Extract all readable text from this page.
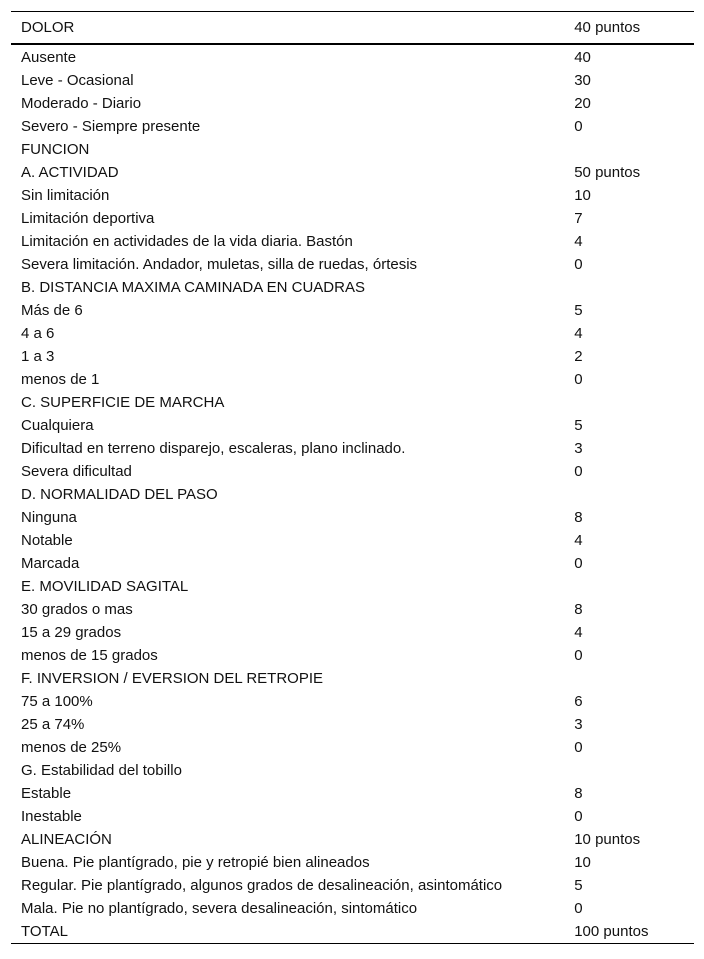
DOLOR	40 puntos
Ausente	40
Leve - Ocasional	30
Moderado - Diario	20
Severo - Siempre presente	0
FUNCION	
A. ACTIVIDAD	50 puntos
Sin limitación	10
Limitación deportiva	7
Limitación en actividades de la vida diaria. Bastón	4
Severa limitación. Andador, muletas, silla de ruedas, órtesis	0
B. DISTANCIA MAXIMA CAMINADA EN CUADRAS	
Más de 6	5
4 a 6	4
1 a 3	2
menos de 1	0
C. SUPERFICIE DE MARCHA	
Cualquiera	5
Dificultad en terreno disparejo, escaleras, plano inclinado.	3
Severa dificultad	0
D. NORMALIDAD DEL PASO	
Ninguna	8
Notable	4
Marcada	0
E. MOVILIDAD SAGITAL	
30 grados o mas	8
15 a 29 grados	4
menos de 15 grados	0
F. INVERSION / EVERSION DEL RETROPIE	
75 a 100%	6
25 a 74%	3
menos de 25%	0
G. Estabilidad del tobillo	
Estable	8
Inestable	0
ALINEACIÓN	10 puntos
Buena. Pie plantígrado, pie y retropié bien alineados	10
Regular. Pie plantígrado, algunos grados de desalineación, asintomático	5
Mala. Pie no plantígrado, severa desalineación, sintomático	0
TOTAL	100 puntos
